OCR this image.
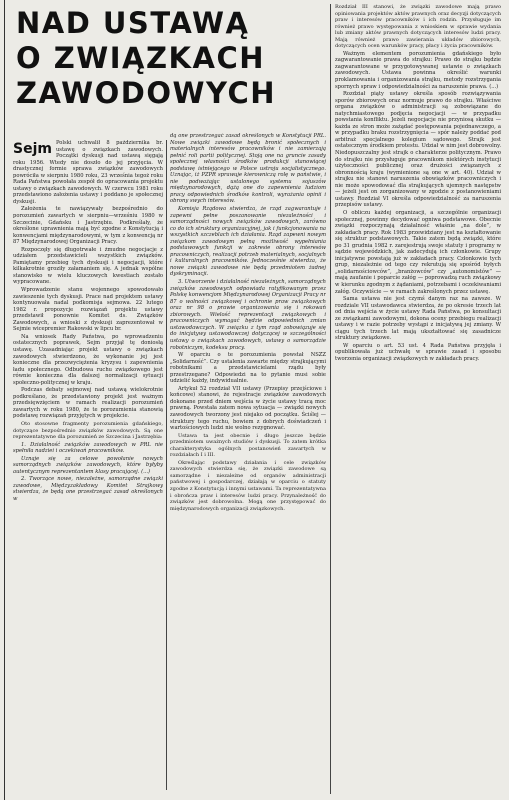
NAD USTAWĄ
O ZWIĄZKACH
ZAWODOWYCH

Sejm Polski uchwalił 8 października br. ustawę o związkach zawodowych. Początki dyskusji nad ustawą sięgają roku 1956. Wtedy nie doszło do jej przyjęcia. W drastycznej formie sprawa związków zawodowych powróciła w sierpniu 1980 roku, 23 września tegoż roku Rada Państwa powołała zespół do opracowania projektu ustawy o związkach zawodowych. W czerwcu 1981 roku przedstawiono założenia ustawy i poddano je społecznej dyskusji.

Założenia te nawiązywały bezpośrednio do porozumień zawartych w sierpniu—wrześniu 1980 w Szczecinie, Gdańsku i Jastrzębiu. Podkreślały, że określone uprawnienia mają być zgodne z Konstytucją i konwencjami międzynarodowymi, w tym z konwencją nr 87 Międzynarodowej Organizacji Pracy.

Rozpoczęły się długotrwałe i żmudne negocjacje z udziałem przedstawicieli wszystkich związków. Pamiętamy przebieg tych dyskusji i negocjacji, które kilkakrotnie groziły załamaniem się. A jednak wspólne stanowisko w wielu kluczowych kwestiach zostało wypracowane.

Wprowadzenie stanu wojennego spowodowało zawieszenie tych dyskusji. Prace nad projektem ustawy kontynuowała nadal podkomisja sejmowa. 22 lutego 1982 r. propozycje rozwiązań projektu ustawy przedstawił ponownie Komitet ds. Związków Zawodowych, a wnioski z dyskusji zaprezentował w Sejmie wicepremier Rakowski w lipcu br.

Na wniosek Rady Państwa, po wprowadzeniu ostatecznych poprawek, Sejm przyjął tę doniosłą ustawę. Uzasadniając projekt ustawy o związkach zawodowych stwierdzono, że wykonanie jej jest konieczne dla przezwyciężenia kryzysu i zapewnienia ładu społecznego. Odbudowa ruchu związkowego jest równie konieczna dla dalszej normalizacji sytuacji społeczno-politycznej w kraju.

Podczas debaty sejmowej nad ustawą wielokrotnie podkreślano, że przedstawiony projekt jest ważnym przedsięwzięciem w ramach realizacji porozumień zawartych w roku 1980, że te porozumienia stanowią podstawę rozwiązań przyjętych w projekcie.

Oto stosowne fragmenty porozumienia gdańskiego, dotyczące bezpośrednio związków zawodowych. Są one reprezentatywne dla porozumień ze Szczecina i Jastrzębia:

1. Działalność związków zawodowych w PRL nie spełniła nadziei i oczekiwań pracowników.

Uznaje się za celowe powołanie nowych samorządnych związków zawodowych, które byłyby autentycznym reprezentantem klasy pracującej. (...)

2. Tworzące nowe, niezależne, samorządne związki zawodowe, Międzyzakładowy Komitet Strajkowy stwierdza, że będą one przestrzegać zasad określonych w

dą one przestrzegać zasad określonych w Konstytucji PRL. Nowe związki zawodowe będą bronić społecznych i materialnych interesów pracowników i nie zamierzają pełnić roli partii politycznej. Stoją one na gruncie zasady społecznej własności środków produkcji stanowiącej podstawę istniejącego w Polsce ustroju socjalistycznego. Uznając, iż PZPR sprawuje kierowniczą rolę w państwie, i nie podważając ustalonego systemu sojuszów międzynarodowych, dążą one do zapewnienia ludziom pracy odpowiednich środków kontroli, wyrażania opinii i obrony swych interesów.

Komisja Rządowa stwierdza, że rząd zagwarantuje i zapewni pełne poszanowanie niezależności i samorządności nowych związków zawodowych, zarówno co do ich struktury organizacyjnej, jak i funkcjonowania na wszystkich szczeblach ich działania. Rząd zapewni nowym związkom zawodowym pełną możliwość wypełniania podstawowych funkcji w zakresie obrony interesów pracowniczych, realizacji potrzeb materialnych, socjalnych i kulturalnych pracowników. Jednocześnie stwierdza, że nowe związki zawodowe nie będą przedmiotem żadnej dyskryminacji.

3. Utworzenie i działalność niezależnych, samorządnych związków zawodowych odpowiada ratyfikowanym przez Polskę konwencjom Międzynarodowej Organizacji Pracy nr 87 o wolności związkowej i ochronie praw związkowych oraz nr 98 o prawie organizowania się i rokowań zbiorowych. Wielość reprezentacji związkowych i pracowniczych wymagać będzie odpowiednich zmian ustawodawczych. W związku z tym rząd zobowiązuje się do inicjatywy ustawodawczej dotyczącej w szczególności ustawy o związkach zawodowych, ustawy o samorządzie robotniczym, kodeksu pracy.

W oparciu o te porozumienia powstał NSZZ „Solidarność”. Czy ustalenia zawarte między strajkującymi robotnikami a przedstawicielami rządu były przestrzegane? Odpowiedzi na to pytanie musi sobie udzielić każdy, indywidualnie.

Artykuł 52 rozdział VII ustawy (Przepisy przejściowe i końcowe) stanowi, że rejestracje związków zawodowych dokonane przed dniem wejścia w życie ustawy tracą moc prawną. Powstała zatem nowa sytuacja — związki nowych zawodowych tworzony jest niejako od początku. Ściślej — struktury tego ruchu, bowiem z dobrych doświadczeń i wartościowych ludzi nie wolno rezygnować.

Ustawa ta jest obecnie i długo jeszcze będzie przedmiotem uważnych studiów i dyskusji. To zatem krótka charakterystyka ogólnych postanowień zawartych w rozdziałach I i III.

Określając podstawy działania i cele związków zawodowych stwierdza się, że związki zawodowe są samorządne i niezależne od organów administracji państwowej i gospodarczej, działają w oparciu o statuty zgodne z Konstytucją i innymi ustawami. Ta reprezentatywna i obrończa praw i interesów ludzi pracy. Przynależność do związków jest dobrowolna. Mogą one przystępować do międzynarodowych organizacji związkowych.

Rozdział III stanowi, że związki zawodowe mają prawo opiniowania projektów aktów prawnych oraz decyzji dotyczących praw i interesów pracowników i ich rodzin. Przysługuje im również prawo występowania z wnioskiem w sprawie wydania lub zmiany aktów prawnych dotyczących interesów ludzi pracy. Mają również prawo zawierania układów zbiorowych, dotyczących ocen warunków pracy, płacy i życia pracowników.

Ważnym elementem porozumienia gdańskiego było zagwarantowanie prawa do strajku: Prawo do strajku będzie zagwarantowane w przygotowywanej ustawie o związkach zawodowych. Ustawa powinna określić warunki proklamowania i organizowania strajku, metody rozstrzygania spornych spraw i odpowiedzialności za naruszenie prawa. (...)

Rozdział piąty ustawy określa sposób rozwiązywania sporów zbiorowych oraz normuje prawo do strajku. Właściwe organa związków o administracji są zobowiązane do natychmiastowego podjęcia negocjacji — w przypadku powstania konfliktu. Jeżeli negocjacje nie przyniosą skutku — każda ze stron może zażądać postępowania pojednawczego, a w przypadku braku rozstrzygnięcia — spór należy poddać pod arbitraż specjalnego kolegium sądowego. Strajk jest ostatecznym środkiem protestu. Udział w nim jest dobrowolny. Niedopuszczalny jest strajk o charakterze politycznym. Prawo do strajku nie przysługuje pracownikom niektórych instytucji użyteczności publicznej oraz drużości związanych z obronnością kraju (wymienione są one w art. 40). Udział w strajku nie stanowi naruszenia obowiązków pracowniczych i nie może spowodować dla strajkujących ujemnych następstw — jeżeli jest on zorganizowany w zgodzie z postanowieniami ustawy. Rozdział VI określa odpowiedzialność za naruszenia przepisów ustawy.

O obliczu każdej organizacji, a szczególnie organizacji społecznej, powinny decydować ogniwa podstawowe. Obecnie związki rozpoczynają działalność właśnie „na dole”, w zakładach pracy. Rok 1983 przewidziany jest na kształtowanie się struktur podstawowych. Takie zatem będą związki, które po 31 grudnia 1982 r. zarejestrują swoje statuty i programy w sądzie wojewódzkich, jak zadecydują ich członkowie. Grupy inicjatywne powstają już w zakładach pracy. Członkowie tych grup, niezależnie od tego czy rekrutują się spośród byłych „solidarnościowców”, „branżowców” czy „autonomistów” — mają zaufanie i poparcie załóg — poprowadzą ruch związkowy w kierunku zgodnym z żądaniami, potrzebami i oczekiwaniami załóg. Oczywiście — w ramach zakreślonych przez ustawę.

Sama ustawa nie jest czymś danym raz na zawsze. W rozdziale VII ustawodawca stwierdza, że po okresie trzech lat od dnia wejścia w życie ustawy Rada Państwa, po konsultacji ze związkami zawodowymi, dokona oceny przebiegu realizacji ustawy i w razie potrzeby wystąpi z inicjatywą jej zmiany. W ciągu tych trzech lat mają ukształtować się zasadnicze struktury związkowe.

W oparciu o art. 53 ust. 4 Rada Państwa przyjęła i opublikowała już uchwałę w sprawie zasad i sposobu tworzenia organizacji związkowych w zakładach pracy.
